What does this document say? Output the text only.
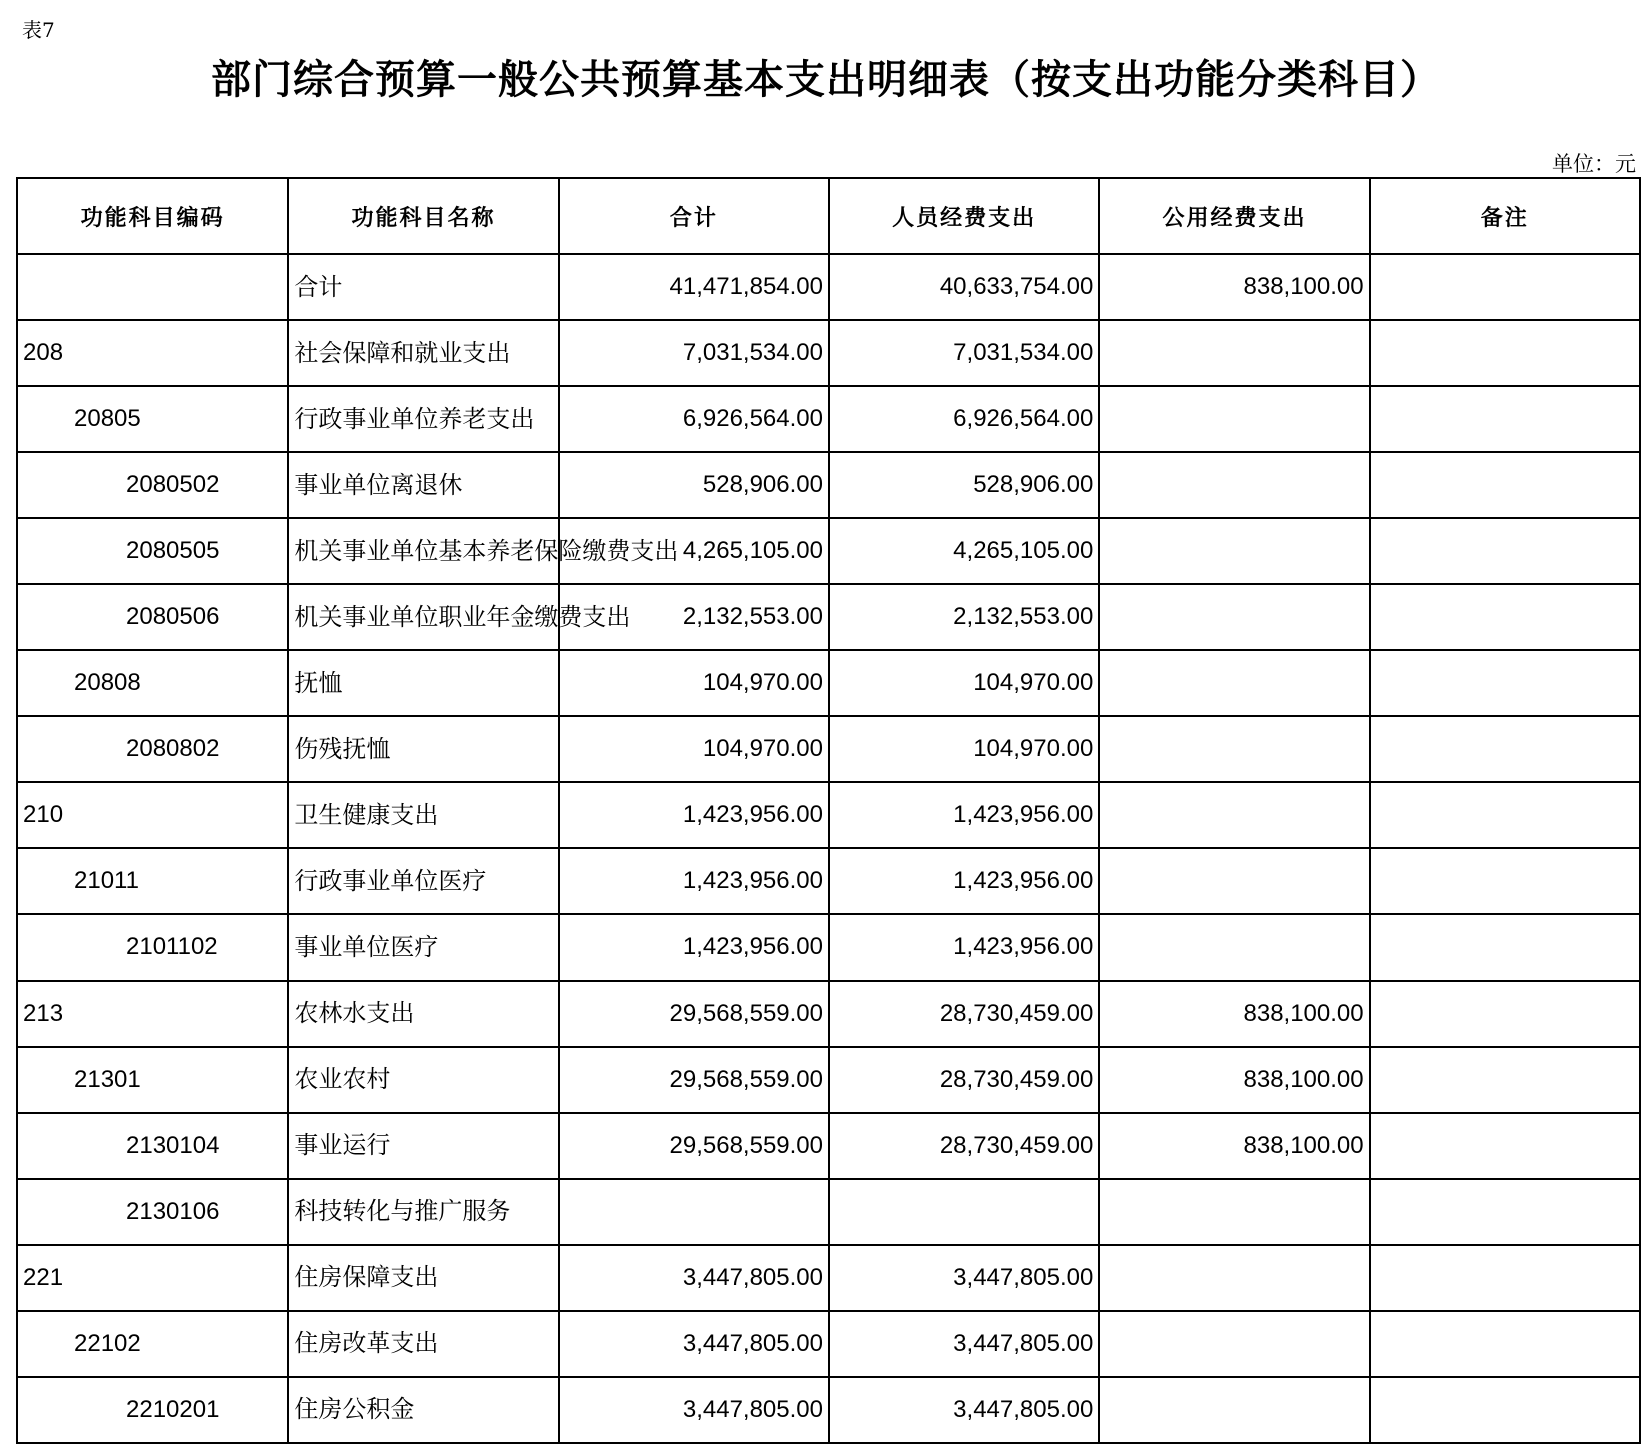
表7
部门综合预算一般公共预算基本支出明细表（按支出功能分类科目）
单位：元
功能科目编码	功能科目名称	合计	人员经费支出	公用经费支出	备注
	合计	41,471,854.00	40,633,754.00	838,100.00	
208	社会保障和就业支出	7,031,534.00	7,031,534.00		
20805	行政事业单位养老支出	6,926,564.00	6,926,564.00		
2080502	事业单位离退休	528,906.00	528,906.00		
2080505	机关事业单位基本养老保险缴费支出	4,265,105.00	4,265,105.00		
2080506	机关事业单位职业年金缴费支出	2,132,553.00	2,132,553.00		
20808	抚恤	104,970.00	104,970.00		
2080802	伤残抚恤	104,970.00	104,970.00		
210	卫生健康支出	1,423,956.00	1,423,956.00		
21011	行政事业单位医疗	1,423,956.00	1,423,956.00		
2101102	事业单位医疗	1,423,956.00	1,423,956.00		
213	农林水支出	29,568,559.00	28,730,459.00	838,100.00	
21301	农业农村	29,568,559.00	28,730,459.00	838,100.00	
2130104	事业运行	29,568,559.00	28,730,459.00	838,100.00	
2130106	科技转化与推广服务				
221	住房保障支出	3,447,805.00	3,447,805.00		
22102	住房改革支出	3,447,805.00	3,447,805.00		
2210201	住房公积金	3,447,805.00	3,447,805.00		
